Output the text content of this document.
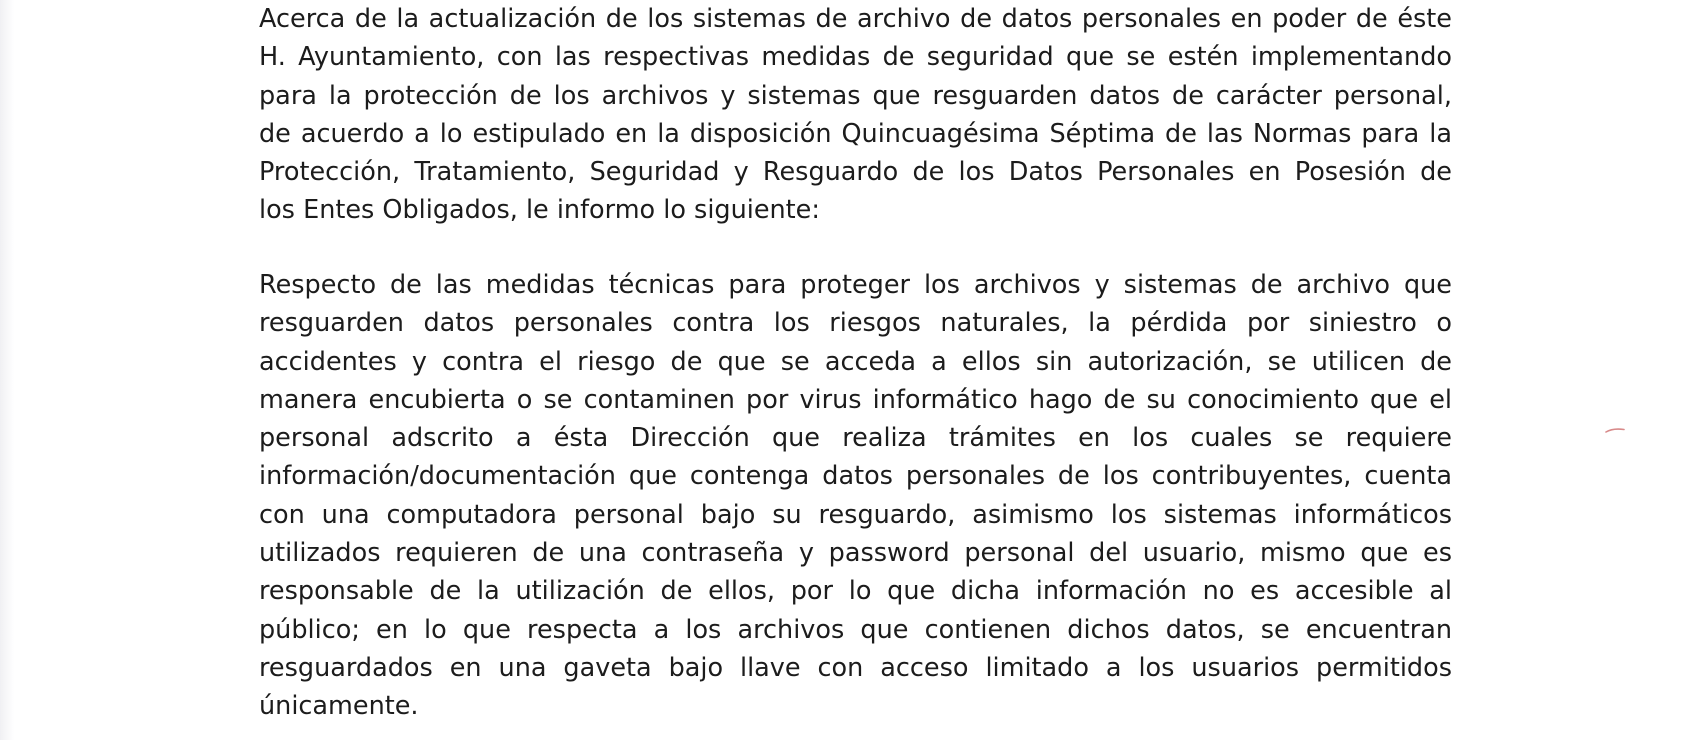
Acerca de la actualización de los sistemas de archivo de datos personales en poder de éste
H. Ayuntamiento, con las respectivas medidas de seguridad que se estén implementando
para la protección de los archivos y sistemas que resguarden datos de carácter personal,
de acuerdo a lo estipulado en la disposición Quincuagésima Séptima de las Normas para la
Protección, Tratamiento, Seguridad y Resguardo de los Datos Personales en Posesión de
los Entes Obligados, le informo lo siguiente:
Respecto de las medidas técnicas para proteger los archivos y sistemas de archivo que
resguarden datos personales contra los riesgos naturales, la pérdida por siniestro o
accidentes y contra el riesgo de que se acceda a ellos sin autorización, se utilicen de
manera encubierta o se contaminen por virus informático hago de su conocimiento que el
personal adscrito a ésta Dirección que realiza trámites en los cuales se requiere
información/documentación que contenga datos personales de los contribuyentes, cuenta
con una computadora personal bajo su resguardo, asimismo los sistemas informáticos
utilizados requieren de una contraseña y password personal del usuario, mismo que es
responsable de la utilización de ellos, por lo que dicha información no es accesible al
público; en lo que respecta a los archivos que contienen dichos datos, se encuentran
resguardados en una gaveta bajo llave con acceso limitado a los usuarios permitidos
únicamente.
